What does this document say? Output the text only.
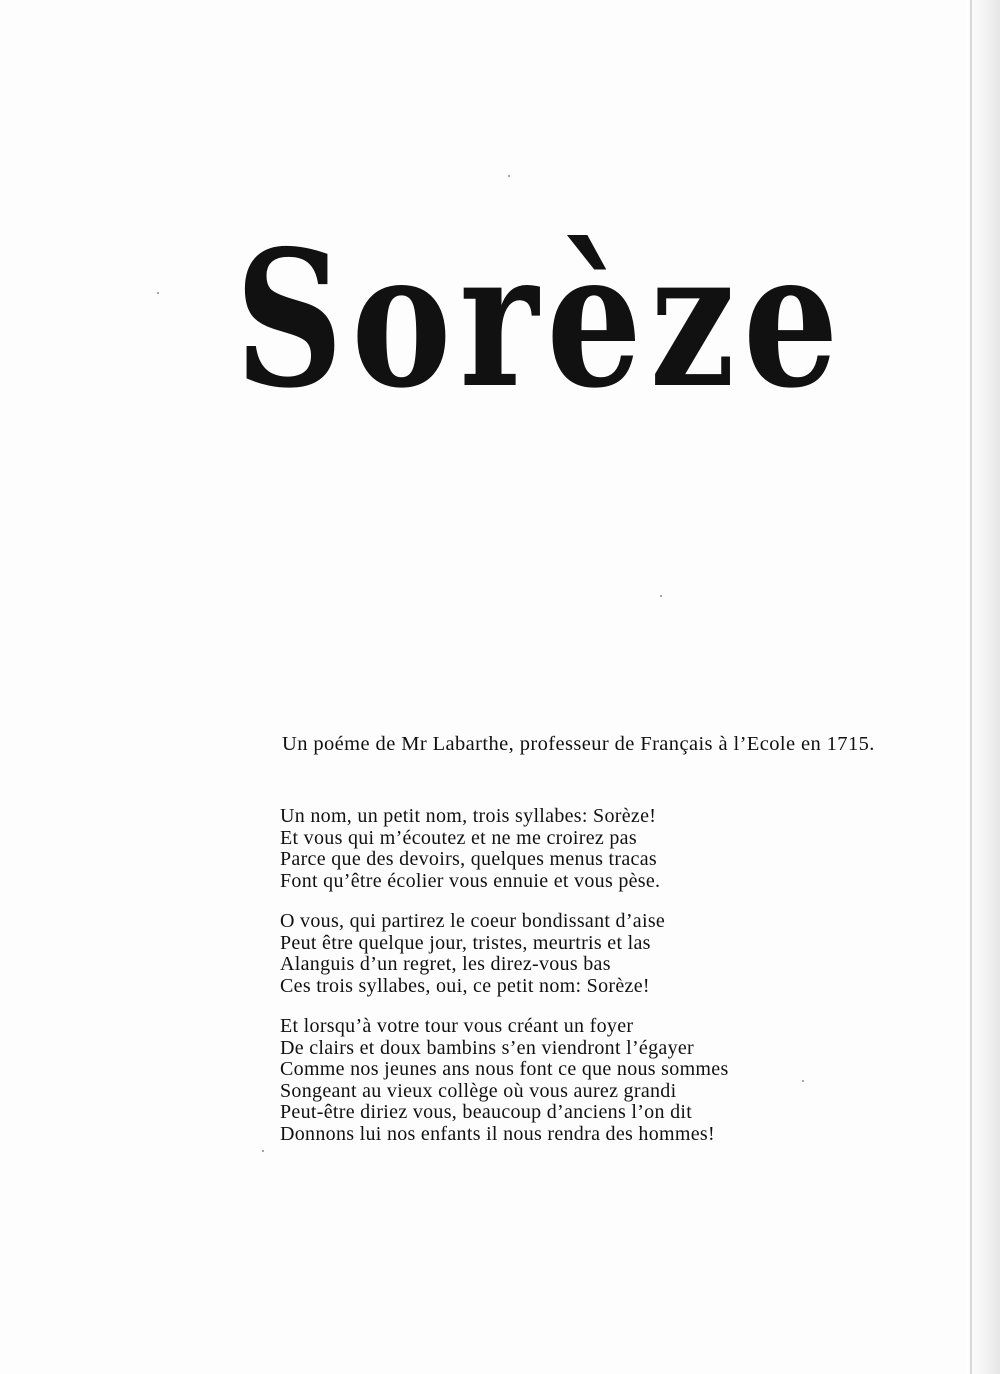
Sorèze

Un poéme de Mr Labarthe, professeur de Français à l’Ecole en 1715.

Un nom, un petit nom, trois syllabes: Sorèze!
Et vous qui m’écoutez et ne me croirez pas
Parce que des devoirs, quelques menus tracas
Font qu’être écolier vous ennuie et vous pèse.
O vous, qui partirez le coeur bondissant d’aise
Peut être quelque jour, tristes, meurtris et las
Alanguis d’un regret, les direz-vous bas
Ces trois syllabes, oui, ce petit nom: Sorèze!
Et lorsqu’à votre tour vous créant un foyer
De clairs et doux bambins s’en viendront l’égayer
Comme nos jeunes ans nous font ce que nous sommes
Songeant au vieux collège où vous aurez grandi
Peut-être diriez vous, beaucoup d’anciens l’on dit
Donnons lui nos enfants il nous rendra des hommes!
